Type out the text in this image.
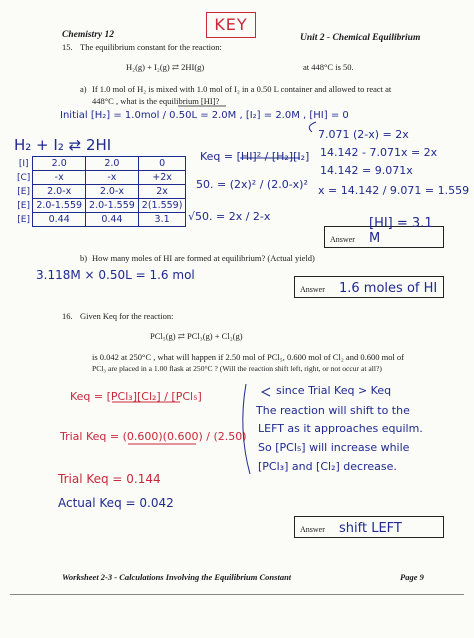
Chemistry 12
KEY
Unit 2 - Chemical Equilibrium
15. The equilibrium constant for the reaction:
H₂(g) + I₂(g) ⇄ 2HI(g)	at 448°C is 50.
a) If 1.0 mol of H₂ is mixed with 1.0 mol of I₂ in a 0.50 L container and allowed to react at
448°C , what is the equilibrium [HI]?
Initial [H₂] = 1.0mol / 0.50L = 2.0M , [I₂] = 2.0M , [HI] = 0
H₂ + I₂ ⇄ 2HI
[I]	2.0	2.0	0
[C]	-x	-x	+2x
[E]	2.0-x	2.0-x	2x
[E]	2.0-1.559	2.0-1.559	2(1.559)
[E]	0.44	0.44	3.1
Keq = [HI]² / [H₂][I₂]
50. = (2x)² / (2.0-x)²
√50. = 2x / 2-x
7.071 (2-x) = 2x
14.142 - 7.071x = 2x
14.142 = 9.071x
x = 14.142 / 9.071 = 1.559
Answer
[HI] = 3.1 M
b) How many moles of HI are formed at equilibrium? (Actual yield)
3.118M × 0.50L = 1.6 mol
Answer 1.6 moles of HI
16. Given Keq for the reaction:
PCl₅(g) ⇄ PCl₃(g) + Cl₂(g)
is 0.042 at 250°C , what will happen if 2.50 mol of PCl₅, 0.600 mol of Cl₂ and 0.600 mol of
PCl₃ are placed in a 1.00 flask at 250°C ? (Will the reaction shift left, right, or not occur at all?)
Keq = [PCl₃][Cl₂] / [PCl₅]
Trial Keq = (0.600)(0.600) / (2.50)
Trial Keq = 0.144
Actual Keq = 0.042
since Trial Keq > Keq
The reaction will shift to the
LEFT as it approaches equilm.
So [PCl₅] will increase while
[PCl₃] and [Cl₂] decrease.
Answer shift LEFT
Worksheet 2-3 - Calculations Involving the Equilibrium Constant	Page 9
